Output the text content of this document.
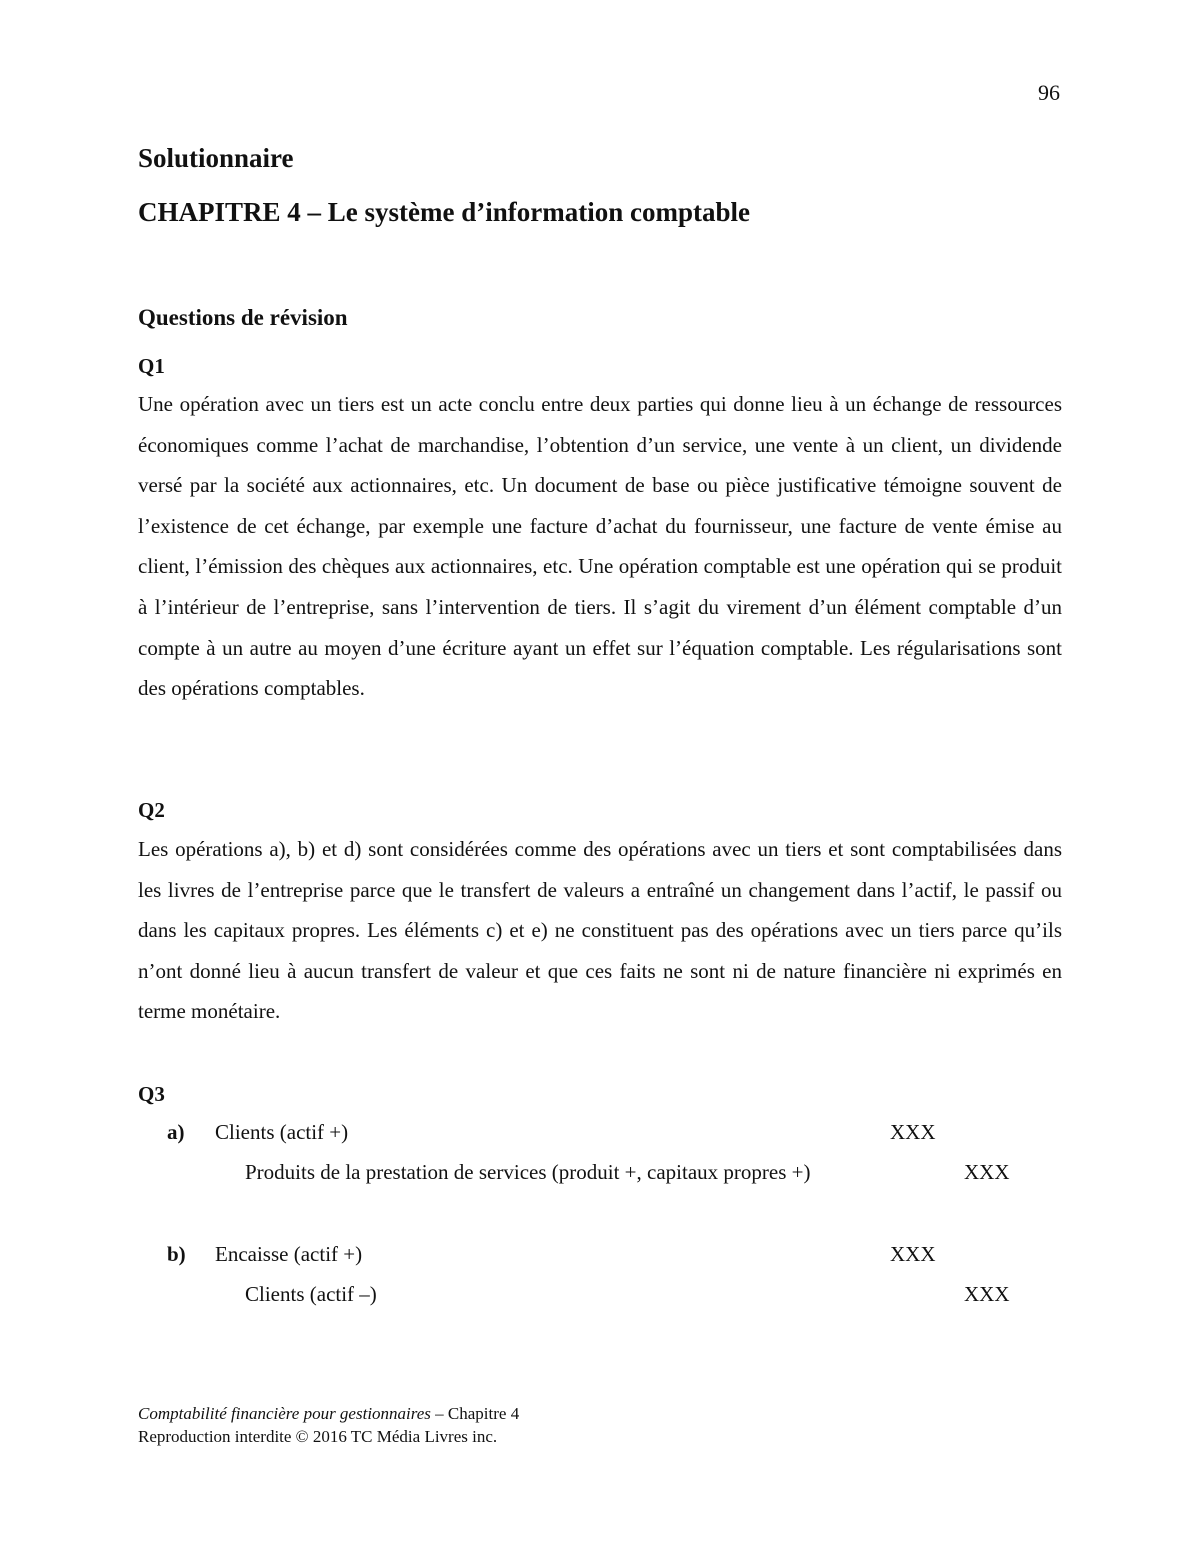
96
Solutionnaire
CHAPITRE 4 – Le système d’information comptable
Questions de révision
Q1

Une opération avec un tiers est un acte conclu entre deux parties qui donne lieu à un échange de ressources économiques comme l’achat de marchandise, l’obtention d’un service, une vente à un client, un dividende versé par la société aux actionnaires, etc. Un document de base ou pièce justificative témoigne souvent de l’existence de cet échange, par exemple une facture d’achat du fournisseur, une facture de vente émise au client, l’émission des chèques aux actionnaires, etc. Une opération comptable est une opération qui se produit à l’intérieur de l’entreprise, sans l’intervention de tiers. Il s’agit du virement d’un élément comptable d’un compte à un autre au moyen d’une écriture ayant un effet sur l’équation comptable. Les régularisations sont des opérations comptables.

Q2

Les opérations a), b) et d) sont considérées comme des opérations avec un tiers et sont comptabilisées dans les livres de l’entreprise parce que le transfert de valeurs a entraîné un changement dans l’actif, le passif ou dans les capitaux propres. Les éléments c) et e) ne constituent pas des opérations avec un tiers parce qu’ils n’ont donné lieu à aucun transfert de valeur et que ces faits ne sont ni de nature financière ni exprimés en terme monétaire.

Q3
a) Clients (actif +)	XXX
Produits de la prestation de services (produit +, capitaux propres +)	XXX
b) Encaisse (actif +)	XXX
Clients (actif –)	XXX
Comptabilité financière pour gestionnaires – Chapitre 4
Reproduction interdite © 2016 TC Média Livres inc.
